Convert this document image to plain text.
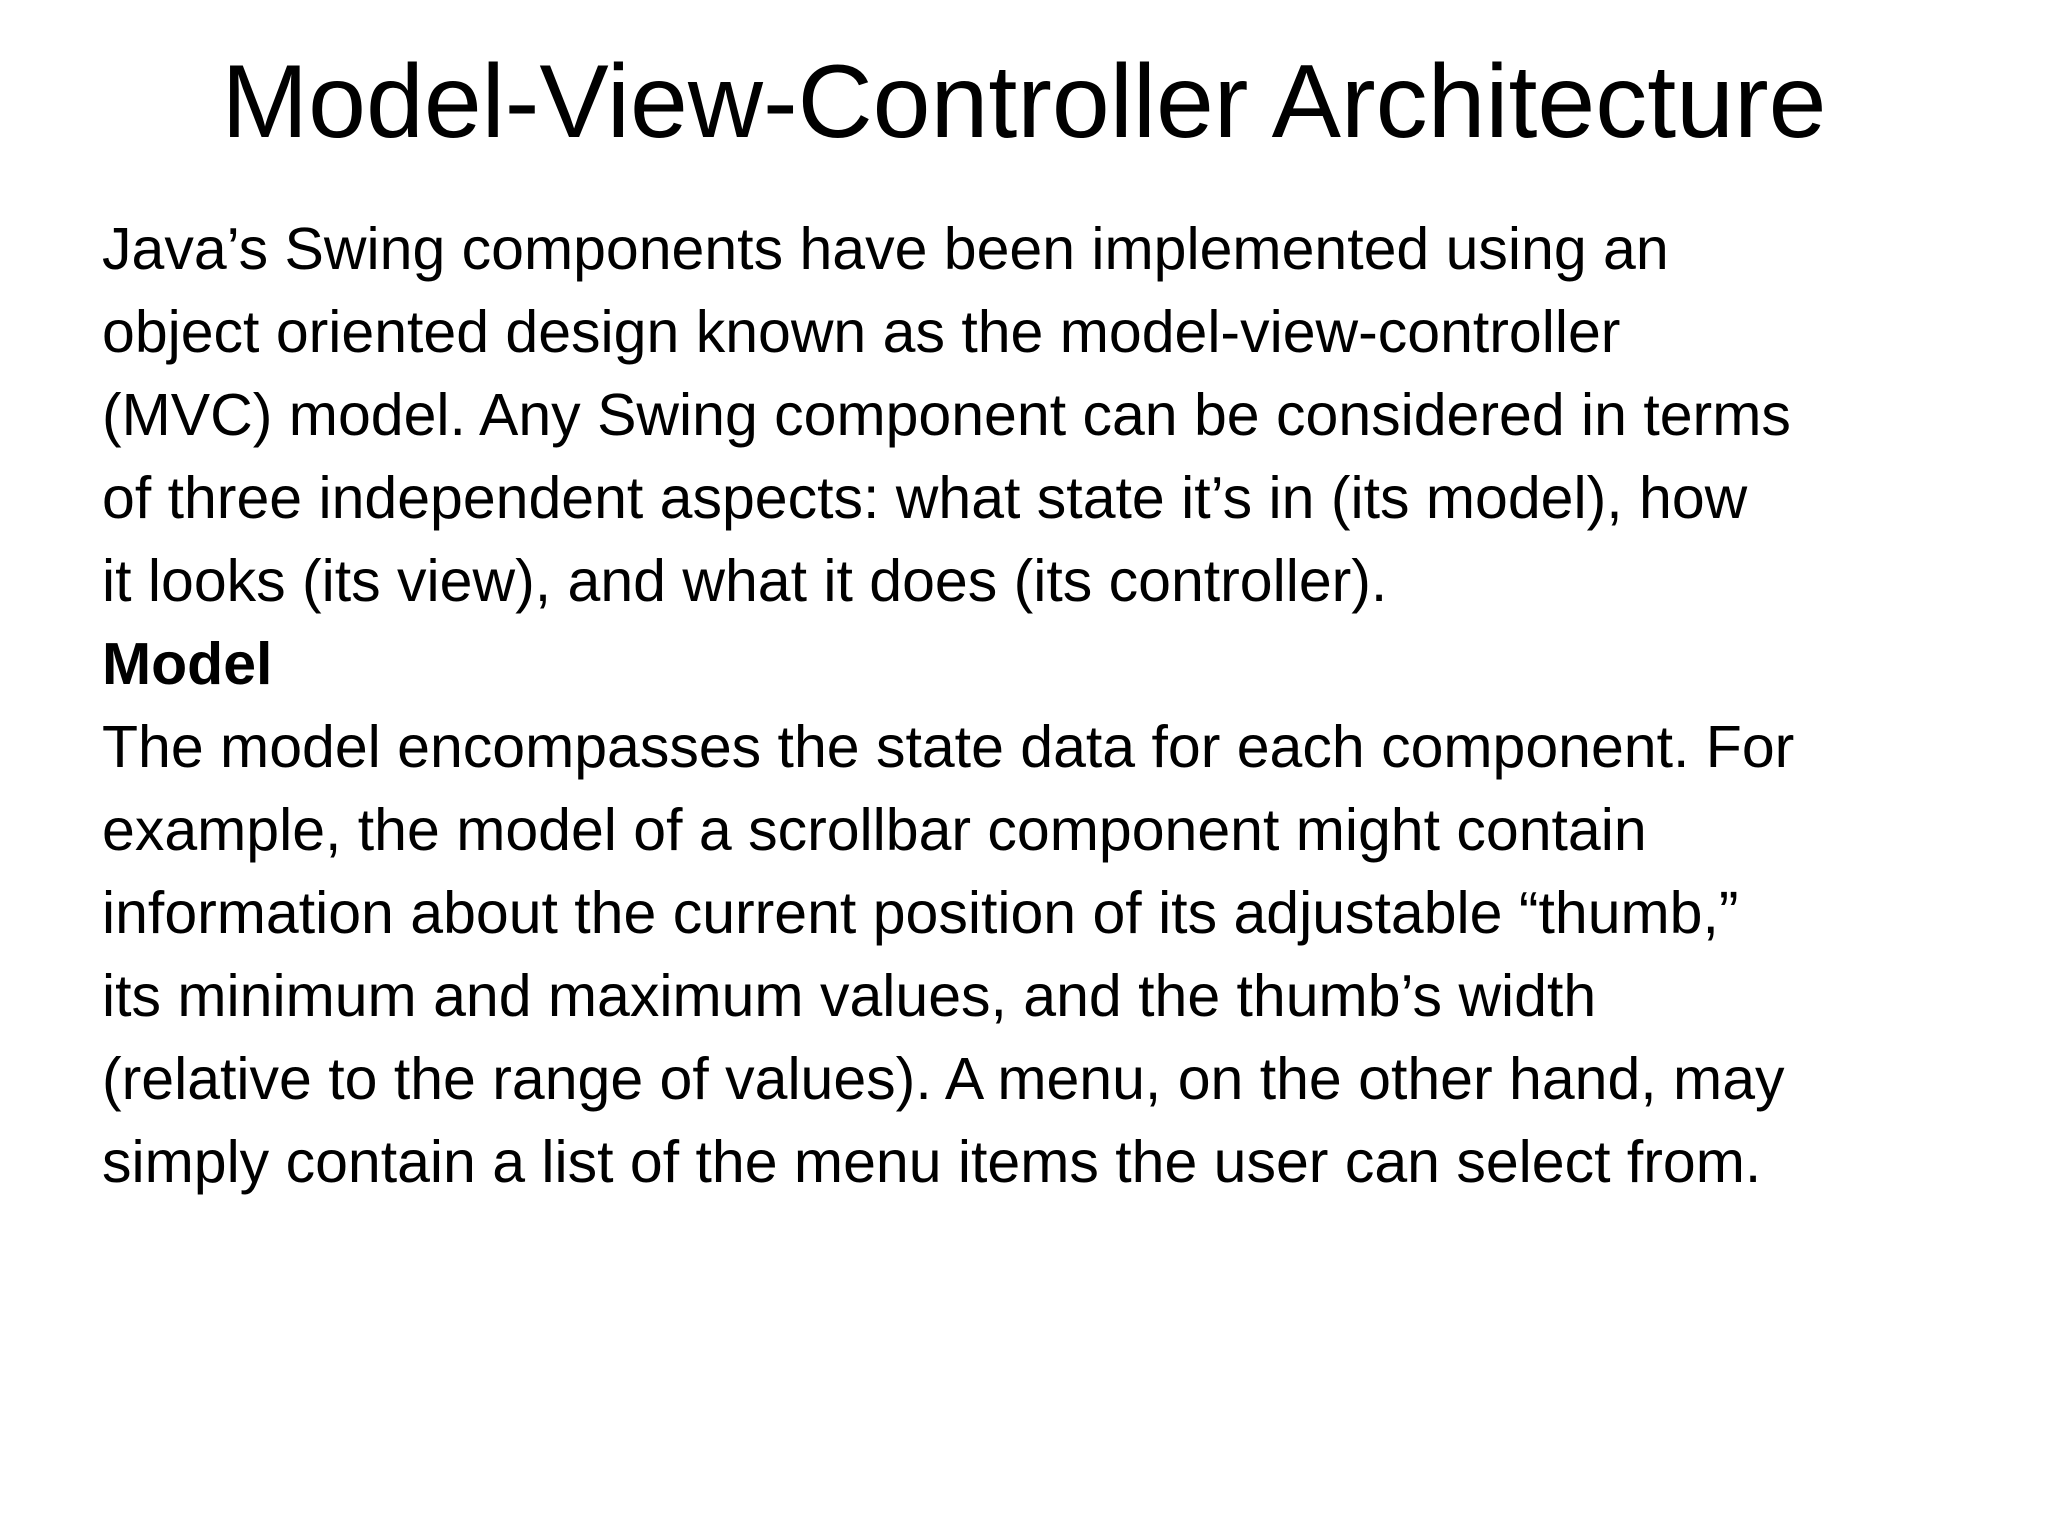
Model-View-Controller Architecture

Java’s Swing components have been implemented using an

object oriented design known as the model-view-controller

(MVC) model. Any Swing component can be considered in terms

of three independent aspects: what state it’s in (its model), how

it looks (its view), and what it does (its controller).

Model

The model encompasses the state data for each component. For

example, the model of a scrollbar component might contain

information about the current position of its adjustable “thumb,”

its minimum and maximum values, and the thumb’s width

(relative to the range of values). A menu, on the other hand, may

simply contain a list of the menu items the user can select from.
